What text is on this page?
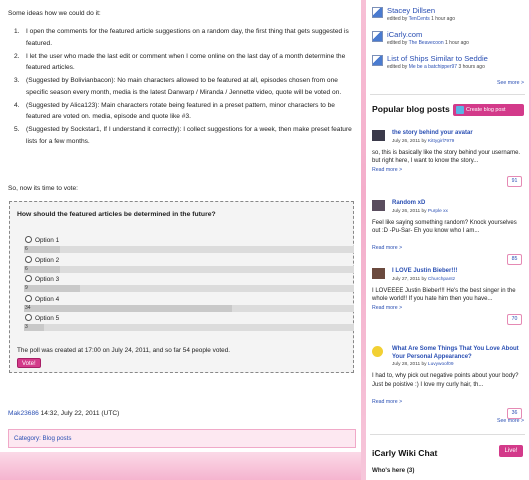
Some ideas how we could do it:
1. I open the comments for the featured article suggestions on a random day, the first thing that gets suggested is featured.
2. I let the user who made the last edit or comment when I come online on the last day of a month determine the featured articles.
3. (Suggested by Bolivianbacon): No main characters allowed to be featured at all, episodes chosen from one specific season every month, media is the latest Danwarp / Miranda / Jennette video, quote will be voted on.
4. (Suggested by Alica123): Main characters rotate being featured in a preset pattern, minor characters to be featured are voted on. media, episode and quote like #3.
5. (Suggested by Sockstar1, If I understand it correctly): I collect suggestions for a week, then make preset feature lists for a few months.
So, now its time to vote:
How should the featured articles be determined in the future?
Option 1
6
Option 2
6
Option 3
9
Option 4
34
Option 5
3
The poll was created at 17:00 on July 24, 2011, and so far 54 people voted.
Vote!
Mak23686 14:32, July 22, 2011 (UTC)
Category: Blog posts
Stacey Dillsen
edited by TenCents 1 hour ago
iCarly.com
edited by The Beavecoon 1 hour ago
List of Ships Similar to Seddie
edited by Me be a batchipper97 3 hours ago
See more >
Popular blog posts	Create blog post
the story behind your avatar
July 26, 2011 by Kittygirl7979
so, this is basically like the story behind your username. but right here, I want to know the story...
Read more >
91
Random xD
July 26, 2011 by Purple xx
Feel like saying something random? Knock yourselves out :D -Pu-Sar- Eh you know who I am...
Read more >
85
I LOVE Justin Bieber!!!
July 27, 2011 by Churchpantz
I LOVEEEE Justin Bieber!!! He's the best singer in the whole world!! If you hate him then you have...
Read more >
70
What Are Some Things That You Love About Your Personal Appearance?
July 28, 2011 by Luvywoof09
I had to, why pick out negative points about your body? Just be poistive :) I love my curly hair, th...
Read more >
36
See more >
iCarly Wiki Chat	Live!
Who's here (3)
